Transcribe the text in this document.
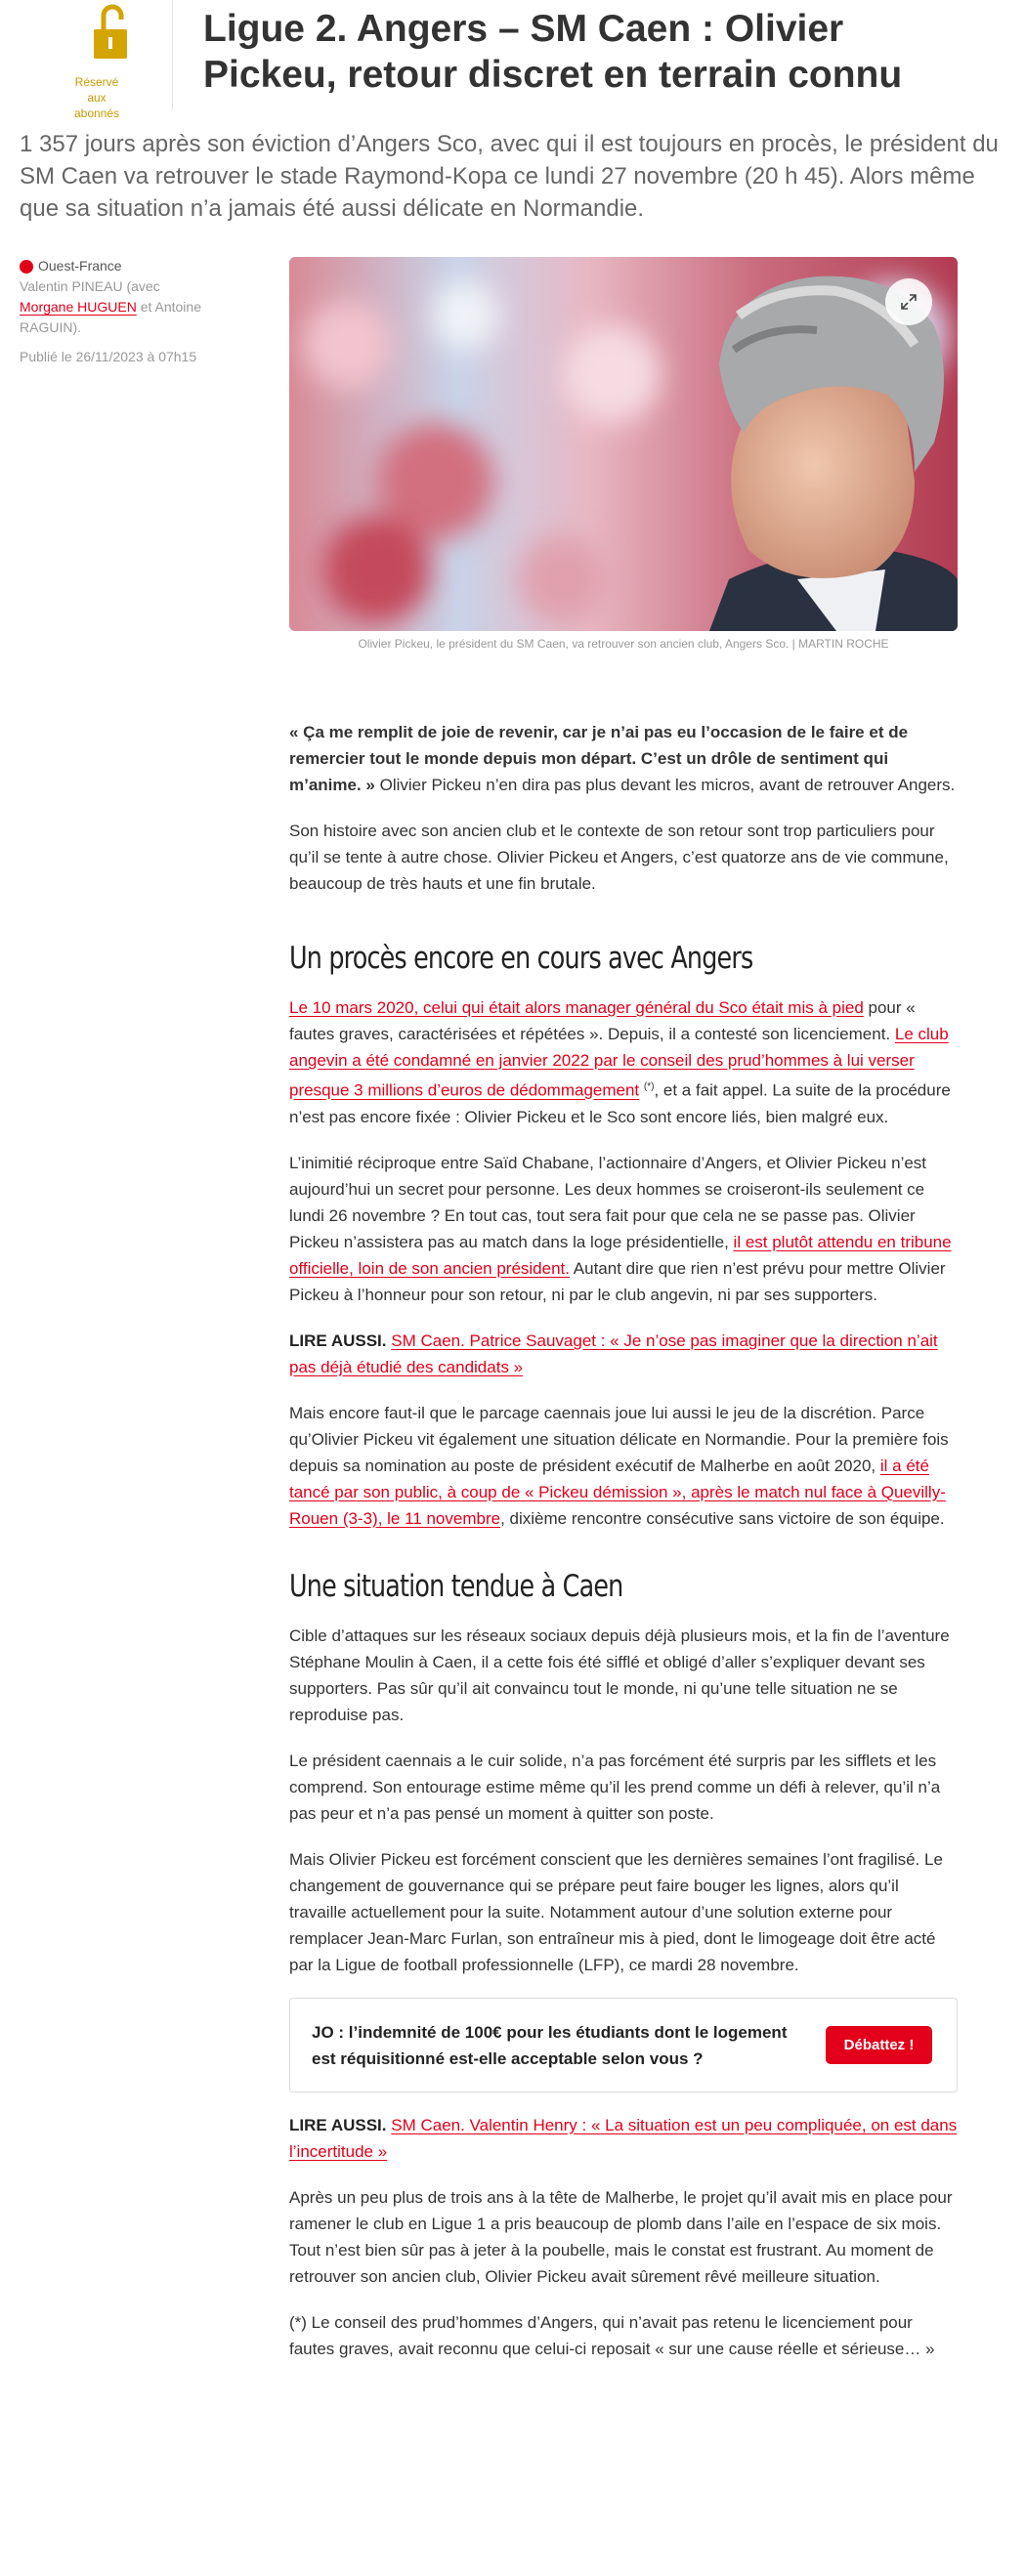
Réservé
aux abonnés
Ligue 2. Angers – SM Caen : Olivier Pickeu, retour discret en terrain connu

1 357 jours après son éviction d’Angers Sco, avec qui il est toujours en procès, le président du SM Caen va retrouver le stade Raymond-Kopa ce lundi 27 novembre (20 h 45). Alors même que sa situation n’a jamais été aussi délicate en Normandie.

Ouest-France
Valentin PINEAU (avec
Morgane HUGUEN et Antoine RAGUIN).
Publié le 26/11/2023 à 07h15
Olivier Pickeu, le président du SM Caen, va retrouver son ancien club, Angers Sco. | MARTIN ROCHE

« Ça me remplit de joie de revenir, car je n’ai pas eu l’occasion de le faire et de remercier tout le monde depuis mon départ. C’est un drôle de sentiment qui m’anime. » Olivier Pickeu n’en dira pas plus devant les micros, avant de retrouver Angers.

Son histoire avec son ancien club et le contexte de son retour sont trop particuliers pour qu’il se tente à autre chose. Olivier Pickeu et Angers, c’est quatorze ans de vie commune, beaucoup de très hauts et une fin brutale.

Un procès encore en cours avec Angers

Le 10 mars 2020, celui qui était alors manager général du Sco était mis à pied pour « fautes graves, caractérisées et répétées ». Depuis, il a contesté son licenciement. Le club angevin a été condamné en janvier 2022 par le conseil des prud’hommes à lui verser presque 3 millions d’euros de dédommagement (*), et a fait appel. La suite de la procédure n’est pas encore fixée : Olivier Pickeu et le Sco sont encore liés, bien malgré eux.

L’inimitié réciproque entre Saïd Chabane, l’actionnaire d’Angers, et Olivier Pickeu n’est aujourd’hui un secret pour personne. Les deux hommes se croiseront-ils seulement ce lundi 26 novembre ? En tout cas, tout sera fait pour que cela ne se passe pas. Olivier Pickeu n’assistera pas au match dans la loge présidentielle, il est plutôt attendu en tribune officielle, loin de son ancien président. Autant dire que rien n’est prévu pour mettre Olivier Pickeu à l’honneur pour son retour, ni par le club angevin, ni par ses supporters.

LIRE AUSSI. SM Caen. Patrice Sauvaget : « Je n’ose pas imaginer que la direction n’ait pas déjà étudié des candidats »

Mais encore faut-il que le parcage caennais joue lui aussi le jeu de la discrétion. Parce qu’Olivier Pickeu vit également une situation délicate en Normandie. Pour la première fois depuis sa nomination au poste de président exécutif de Malherbe en août 2020, il a été tancé par son public, à coup de « Pickeu démission », après le match nul face à Quevilly-Rouen (3-3), le 11 novembre, dixième rencontre consécutive sans victoire de son équipe.

Une situation tendue à Caen

Cible d’attaques sur les réseaux sociaux depuis déjà plusieurs mois, et la fin de l’aventure Stéphane Moulin à Caen, il a cette fois été sifflé et obligé d’aller s’expliquer devant ses supporters. Pas sûr qu’il ait convaincu tout le monde, ni qu’une telle situation ne se reproduise pas.

Le président caennais a le cuir solide, n’a pas forcément été surpris par les sifflets et les comprend. Son entourage estime même qu’il les prend comme un défi à relever, qu’il n’a pas peur et n’a pas pensé un moment à quitter son poste.

Mais Olivier Pickeu est forcément conscient que les dernières semaines l’ont fragilisé. Le changement de gouvernance qui se prépare peut faire bouger les lignes, alors qu’il travaille actuellement pour la suite. Notamment autour d’une solution externe pour remplacer Jean-Marc Furlan, son entraîneur mis à pied, dont le limogeage doit être acté par la Ligue de football professionnelle (LFP), ce mardi 28 novembre.

JO : l’indemnité de 100€ pour les étudiants dont le logement est réquisitionné est-elle acceptable selon vous ?
Débattez !

LIRE AUSSI. SM Caen. Valentin Henry : « La situation est un peu compliquée, on est dans l’incertitude »

Après un peu plus de trois ans à la tête de Malherbe, le projet qu’il avait mis en place pour ramener le club en Ligue 1 a pris beaucoup de plomb dans l’aile en l’espace de six mois. Tout n’est bien sûr pas à jeter à la poubelle, mais le constat est frustrant. Au moment de retrouver son ancien club, Olivier Pickeu avait sûrement rêvé meilleure situation.

(*) Le conseil des prud’hommes d’Angers, qui n’avait pas retenu le licenciement pour fautes graves, avait reconnu que celui-ci reposait « sur une cause réelle et sérieuse… »
